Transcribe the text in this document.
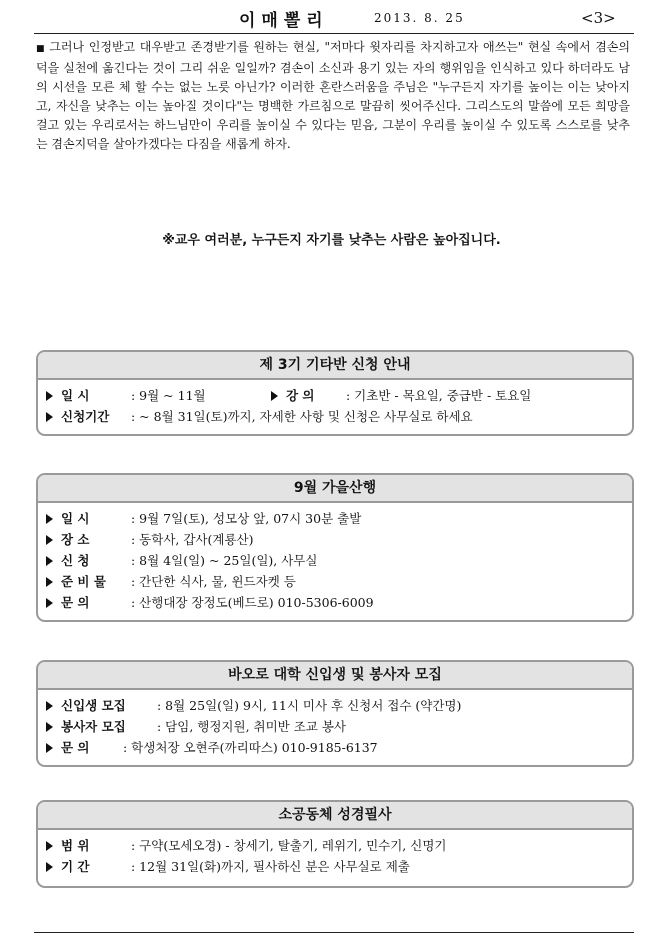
이매뽈리	2013. 8. 25	<3>
■ 그러나 인정받고 대우받고 존경받기를 원하는 현실, "저마다 윗자리를 차지하고자 애쓰는" 현실 속에서 겸손의 덕을 실천에 옮긴다는 것이 그리 쉬운 일일까? 겸손이 소신과 용기 있는 자의 행위임을 인식하고 있다 하더라도 남의 시선을 모른 체 할 수는 없는 노릇 아닌가? 이러한 혼란스러움을 주님은 "누구든지 자기를 높이는 이는 낮아지고, 자신을 낮추는 이는 높아질 것이다"는 명백한 가르침으로 말끔히 씻어주신다. 그리스도의 말씀에 모든 희망을 걸고 있는 우리로서는 하느님만이 우리를 높이실 수 있다는 믿음, 그분이 우리를 높이실 수 있도록 스스로를 낮추는 겸손지덕을 살아가겠다는 다짐을 새롭게 하자.
※교우 여러분, 누구든지 자기를 낮추는 사람은 높아집니다.
제 3기 기타반 신청 안내
일 시	: 9월 ~ 11월	강 의	: 기초반 - 목요일, 중급반 - 토요일
신청기간 : ~ 8월 31일(토)까지, 자세한 사항 및 신청은 사무실로 하세요
9월 가을산행
일 시	: 9월 7일(토), 성모상 앞, 07시 30분 출발
장 소	: 동학사, 갑사(계룡산)
신 청	: 8월 4일(일) ~ 25일(일), 사무실
준 비 물 : 간단한 식사, 물, 윈드자켓 등
문 의	: 산행대장 장정도(베드로) 010-5306-6009
바오로 대학 신입생 및 봉사자 모집
신입생 모집	: 8월 25일(일) 9시, 11시 미사 후 신청서 접수 (약간명)
봉사자 모집	: 담임, 행정지원, 취미반 조교 봉사
문 의	: 학생처장 오현주(까리따스) 010-9185-6137
소공동체 성경필사
범 위	: 구약(모세오경) - 창세기, 탈출기, 레위기, 민수기, 신명기
기 간	: 12월 31일(화)까지, 필사하신 분은 사무실로 제출
